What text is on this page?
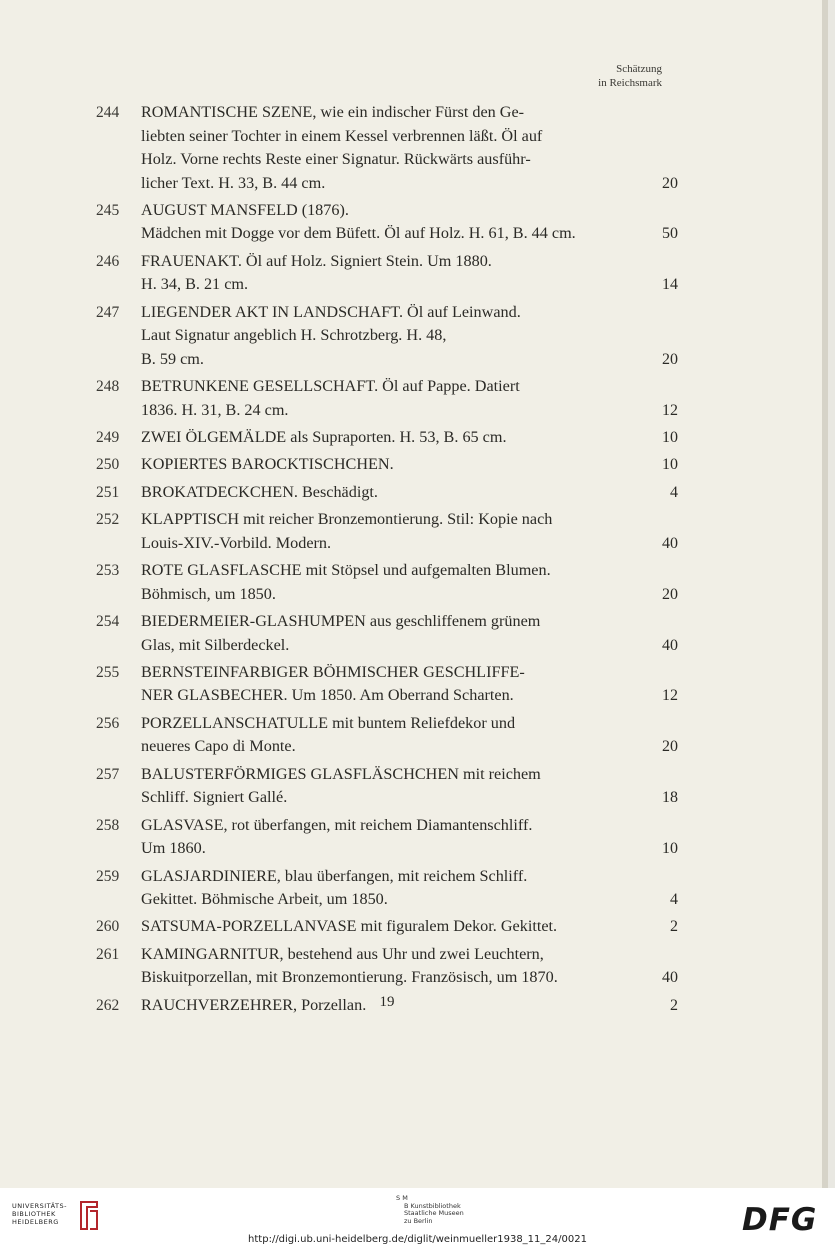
Schätzung
in Reichsmark
244	ROMANTISCHE SZENE, wie ein indischer Fürst den Ge-
liebten seiner Tochter in einem Kessel verbrennen läßt. Öl auf
Holz. Vorne rechts Reste einer Signatur. Rückwärts ausführ-
licher Text. H. 33, B. 44 cm.	20
245	AUGUST MANSFELD (1876).
Mädchen mit Dogge vor dem Büfett. Öl auf Holz. H. 61, B. 44 cm.	50
246	FRAUENAKT. Öl auf Holz. Signiert Stein. Um 1880.
H. 34, B. 21 cm.	14
247	LIEGENDER AKT IN LANDSCHAFT. Öl auf Leinwand.
Laut Signatur angeblich H. Schrotzberg. H. 48,
B. 59 cm.	20
248	BETRUNKENE GESELLSCHAFT. Öl auf Pappe. Datiert
1836. H. 31, B. 24 cm.	12
249	ZWEI ÖLGEMÄLDE als Supraporten. H. 53, B. 65 cm.	10
250	KOPIERTES BAROCKTISCHCHEN.	10
251	BROKATDECKCHEN. Beschädigt.	4
252	KLAPPTISCH mit reicher Bronzemontierung. Stil: Kopie nach
Louis-XIV.-Vorbild. Modern.	40
253	ROTE GLASFLASCHE mit Stöpsel und aufgemalten Blumen.
Böhmisch, um 1850.	20
254	BIEDERMEIER-GLASHUMPEN aus geschliffenem grünem
Glas, mit Silberdeckel.	40
255	BERNSTEINFARBIGER BÖHMISCHER GESCHLIFFE-
NER GLASBECHER. Um 1850. Am Oberrand Scharten.	12
256	PORZELLANSCHATULLE mit buntem Reliefdekor und
neueres Capo di Monte.	20
257	BALUSTERFÖRMIGES GLASFLÄSCHCHEN mit reichem
Schliff. Signiert Gallé.	18
258	GLASVASE, rot überfangen, mit reichem Diamantenschliff.
Um 1860.	10
259	GLASJARDINIERE, blau überfangen, mit reichem Schliff.
Gekittet. Böhmische Arbeit, um 1850.	4
260	SATSUMA-PORZELLANVASE mit figuralem Dekor. Gekittet.	2
261	KAMINGARNITUR, bestehend aus Uhr und zwei Leuchtern,
Biskuitporzellan, mit Bronzemontierung. Französisch, um 1870.	40
262	RAUCHVERZEHRER, Porzellan.	2
19
UNIVERSITÄTS-
BIBLIOTHEK
HEIDELBERG
S M
B Kunstbibliothek
Staatliche Museen
zu Berlin	DFG
http://digi.ub.uni-heidelberg.de/diglit/weinmueller1938_11_24/0021
